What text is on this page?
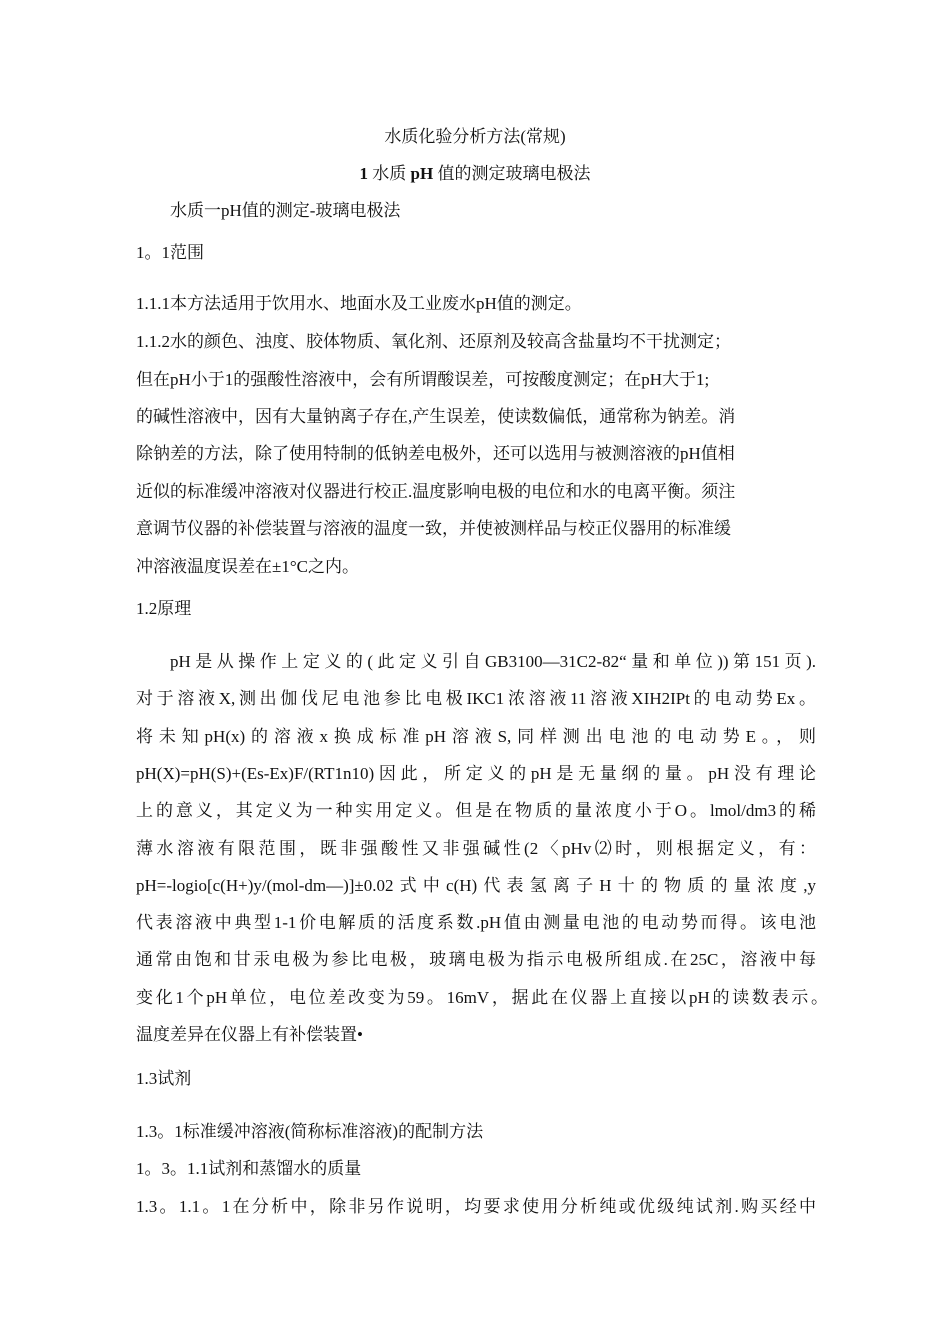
水质化验分析方法(常规)
1 水质 pH 值的测定玻璃电极法
水质一pH值的测定-玻璃电极法
1。1范围
1.1.1本方法适用于饮用水、地面水及工业废水pH值的测定。
1.1.2水的颜色、浊度、胶体物质、氧化剂、还原剂及较高含盐量均不干扰测定；
但在pH小于1的强酸性溶液中，会有所谓酸误差，可按酸度测定；在pH大于1;
的碱性溶液中，因有大量钠离子存在,产生误差，使读数偏低，通常称为钠差。消
除钠差的方法，除了使用特制的低钠差电极外，还可以选用与被测溶液的pH值相
近似的标准缓冲溶液对仪器进行校正.温度影响电极的电位和水的电离平衡。须注
意调节仪器的补偿装置与溶液的温度一致，并使被测样品与校正仪器用的标准缓
冲溶液温度误差在±1°C之内。
1.2原理
pH是从操作上定义的(此定义引自GB3100—31C2-82“量和单位))第151页).
对于溶液X,测出伽伐尼电池参比电极IKC1浓溶液11溶液XIH2IPt的电动势Ex。
将未知pH(x)的溶液x换成标准pH溶液S,同样测出电池的电动势E。，则
pH(X)=pH(S)+(Es-Ex)F/(RT1n10)因此，所定义的pH是无量纲的量。pH没有理论
上的意义，其定义为一种实用定义。但是在物质的量浓度小于O。lmol/dm3的稀
薄水溶液有限范围，既非强酸性又非强碱性(2〈pHv⑵时，则根据定义，有：
pH=-logio[c(H+)y/(mol-dm—)]±0.02式中c(H)代表氢离子H十的物质的量浓度,y
代表溶液中典型1-1价电解质的活度系数.pH值由测量电池的电动势而得。该电池
通常由饱和甘汞电极为参比电极，玻璃电极为指示电极所组成.在25C，溶液中每
变化1个pH单位，电位差改变为59。16mV，据此在仪器上直接以pH的读数表示。
温度差异在仪器上有补偿装置•
1.3试剂
1.3。1标准缓冲溶液(简称标准溶液)的配制方法
1。3。1.1试剂和蒸馏水的质量
1.3。1.1。1在分析中，除非另作说明，均要求使用分析纯或优级纯试剂.购买经中
